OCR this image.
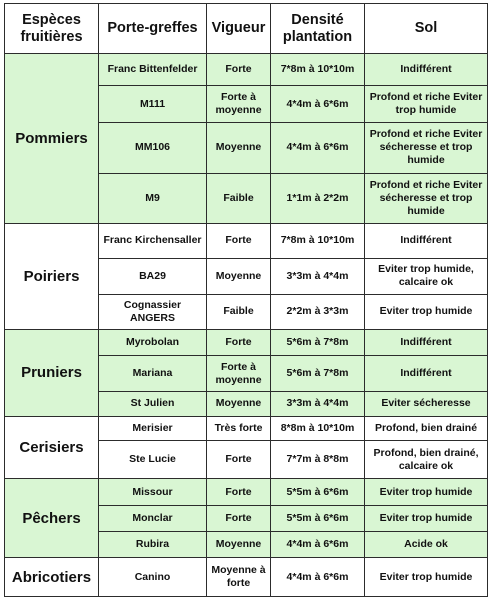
Espèces fruitières	Porte-greffes	Vigueur	Densité plantation	Sol
Pommiers	Franc Bittenfelder	Forte	7*8m à 10*10m	Indifférent
	M111	Forte à moyenne	4*4m à 6*6m	Profond et riche Eviter trop humide
	MM106	Moyenne	4*4m à 6*6m	Profond et riche Eviter sécheresse et trop humide
	M9	Faible	1*1m à 2*2m	Profond et riche Eviter sécheresse et trop humide
Poiriers	Franc Kirchensaller	Forte	7*8m à 10*10m	Indifférent
	BA29	Moyenne	3*3m à 4*4m	Eviter trop humide, calcaire ok
	Cognassier ANGERS	Faible	2*2m à 3*3m	Eviter trop humide
Pruniers	Myrobolan	Forte	5*6m à 7*8m	Indifférent
	Mariana	Forte à moyenne	5*6m à 7*8m	Indifférent
	St Julien	Moyenne	3*3m à 4*4m	Eviter sécheresse
Cerisiers	Merisier	Très forte	8*8m à 10*10m	Profond, bien drainé
	Ste Lucie	Forte	7*7m à 8*8m	Profond, bien drainé, calcaire ok
Pêchers	Missour	Forte	5*5m à 6*6m	Eviter trop humide
	Monclar	Forte	5*5m à 6*6m	Eviter trop humide
	Rubira	Moyenne	4*4m à 6*6m	Acide ok
Abricotiers	Canino	Moyenne à forte	4*4m à 6*6m	Eviter trop humide
